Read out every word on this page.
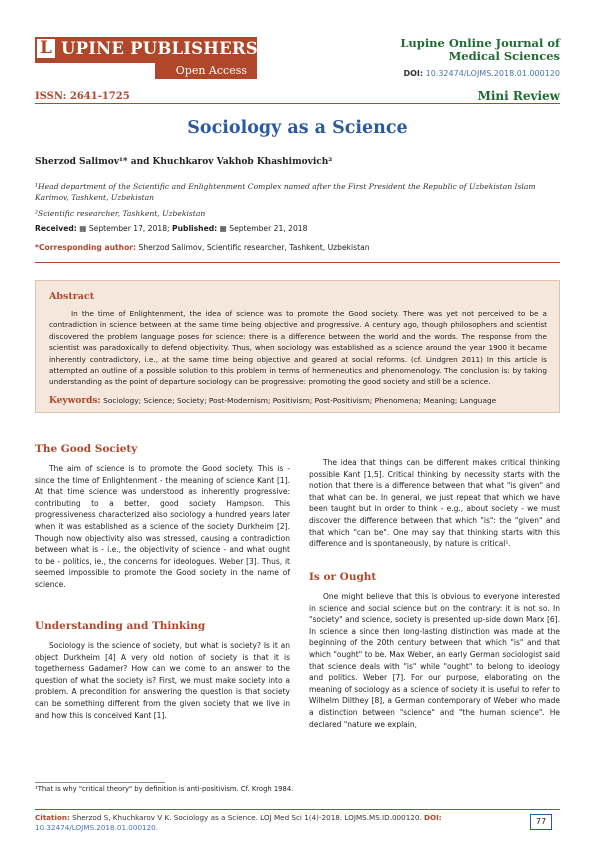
L UPINE PUBLISHERS
Open Access
Lupine Online Journal of
Medical Sciences
DOI: 10.32474/LOJMS.2018.01.000120
ISSN: 2641-1725	Mini Review
Sociology as a Science
Sherzod Salimov¹* and Khuchkarov Vakhob Khashimovich²
¹Head department of the Scientific and Enlightenment Complex named after the First President the Republic of Uzbekistan Islam Karimov, Tashkent, Uzbekistan
²Scientific researcher, Tashkent, Uzbekistan
Received: ▦ September 17, 2018; Published: ▦ September 21, 2018
*Corresponding author: Sherzod Salimov, Scientific researcher, Tashkent, Uzbekistan
Abstract
In the time of Enlightenment, the idea of science was to promote the Good society. There was yet not perceived to be a contradiction in science between at the same time being objective and progressive. A century ago, though philosophers and scientist discovered the problem language poses for science: there is a difference between the world and the words. The response from the scientist was paradoxically to defend objectivity. Thus, when sociology was established as a science around the year 1900 it became inherently contradictory, i.e., at the same time being objective and geared at social reforms. (cf. Lindgren 2011) In this article is attempted an outline of a possible solution to this problem in terms of hermeneutics and phenomenology. The conclusion is: by taking understanding as the point of departure sociology can be progressive: promoting the good society and still be a science.
Keywords: Sociology; Science; Society; Post-Modernism; Positivism; Post-Positivism; Phenomena; Meaning; Language
The Good Society

The aim of science is to promote the Good society. This is - since the time of Enlightenment - the meaning of science Kant [1]. At that time science was understood as inherently progressive: contributing to a better, good society Hampson. This progressiveness characterized also sociology a hundred years later when it was established as a science of the society Durkheim [2]. Though now objectivity also was stressed, causing a contradiction between what is - i.e., the objectivity of science - and what ought to be - politics, ie., the concerns for ideologues. Weber [3]. Thus, it seemed impossible to promote the Good society in the name of science.

Understanding and Thinking

Sociology is the science of society, but what is society? Is it an object Durkheim [4] A very old notion of society is that it is togetherness Gadamer? How can we come to an answer to the question of what the society is? First, we must make society into a problem. A precondition for answering the question is that society can be something different from the given society that we live in and how this is conceived Kant [1].

The idea that things can be different makes critical thinking possible Kant [1,5]. Critical thinking by necessity starts with the notion that there is a difference between that what "is given" and that what can be. In general, we just repeat that which we have been taught but in order to think - e.g., about society - we must discover the difference between that which "is": the "given" and that which "can be". One may say that thinking starts with this difference and is spontaneously, by nature is critical¹.

Is or Ought

One might believe that this is obvious to everyone interested in science and social science but on the contrary: it is not so. In "society" and science, society is presented up-side down Marx [6]. In science a since then long-lasting distinction was made at the beginning of the 20th century between that which "is" and that which "ought" to be. Max Weber, an early German sociologist said that science deals with "is" while "ought" to belong to ideology and politics. Weber [7]. For our purpose, elaborating on the meaning of sociology as a science of society it is useful to refer to Wilhelm Dilthey [8], a German contemporary of Weber who made a distinction between "science" and "the human science". He declared "nature we explain,

¹That is why "critical theory" by definition is anti-positivism. Cf. Krogh 1984.
Citation: Sherzod S, Khuchkarov V K. Sociology as a Science. LOJ Med Sci 1(4)-2018. LOJMS.MS.ID.000120. DOI: 10.32474/LOJMS.2018.01.000120.
77
